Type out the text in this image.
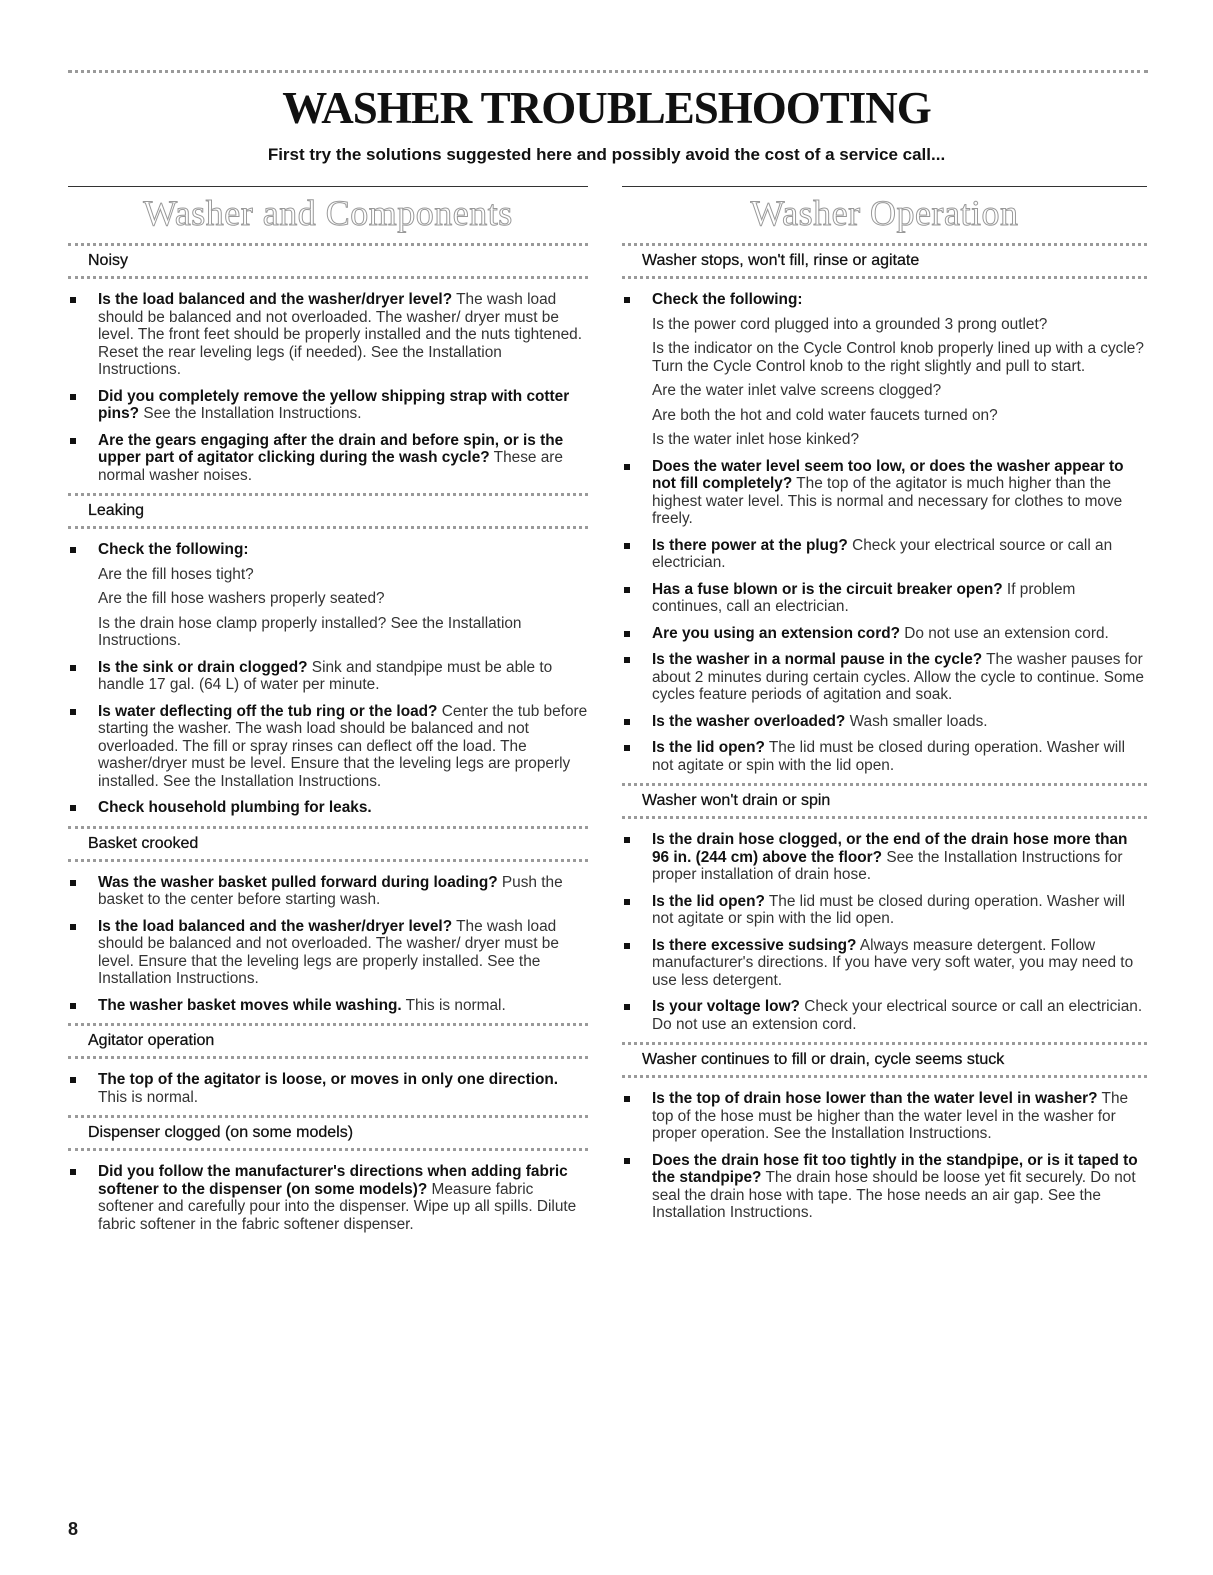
WASHER TROUBLESHOOTING
First try the solutions suggested here and possibly avoid the cost of a service call...
Washer and Components
Noisy
Is the load balanced and the washer/dryer level? The wash load should be balanced and not overloaded. The washer/ dryer must be level. The front feet should be properly installed and the nuts tightened. Reset the rear leveling legs (if needed). See the Installation Instructions.
Did you completely remove the yellow shipping strap with cotter pins? See the Installation Instructions.
Are the gears engaging after the drain and before spin, or is the upper part of agitator clicking during the wash cycle? These are normal washer noises.
Leaking
Check the following:
Are the fill hoses tight?
Are the fill hose washers properly seated?
Is the drain hose clamp properly installed? See the Installation Instructions.
Is the sink or drain clogged? Sink and standpipe must be able to handle 17 gal. (64 L) of water per minute.
Is water deflecting off the tub ring or the load? Center the tub before starting the washer. The wash load should be balanced and not overloaded. The fill or spray rinses can deflect off the load. The washer/dryer must be level. Ensure that the leveling legs are properly installed. See the Installation Instructions.
Check household plumbing for leaks.
Basket crooked
Was the washer basket pulled forward during loading? Push the basket to the center before starting wash.
Is the load balanced and the washer/dryer level? The wash load should be balanced and not overloaded. The washer/ dryer must be level. Ensure that the leveling legs are properly installed. See the Installation Instructions.
The washer basket moves while washing. This is normal.
Agitator operation
The top of the agitator is loose, or moves in only one direction. This is normal.
Dispenser clogged (on some models)
Did you follow the manufacturer's directions when adding fabric softener to the dispenser (on some models)? Measure fabric softener and carefully pour into the dispenser. Wipe up all spills. Dilute fabric softener in the fabric softener dispenser.
Washer Operation
Washer stops, won't fill, rinse or agitate
Check the following:
Is the power cord plugged into a grounded 3 prong outlet?
Is the indicator on the Cycle Control knob properly lined up with a cycle? Turn the Cycle Control knob to the right slightly and pull to start.
Are the water inlet valve screens clogged?
Are both the hot and cold water faucets turned on?
Is the water inlet hose kinked?
Does the water level seem too low, or does the washer appear to not fill completely? The top of the agitator is much higher than the highest water level. This is normal and necessary for clothes to move freely.
Is there power at the plug? Check your electrical source or call an electrician.
Has a fuse blown or is the circuit breaker open? If problem continues, call an electrician.
Are you using an extension cord? Do not use an extension cord.
Is the washer in a normal pause in the cycle? The washer pauses for about 2 minutes during certain cycles. Allow the cycle to continue. Some cycles feature periods of agitation and soak.
Is the washer overloaded? Wash smaller loads.
Is the lid open? The lid must be closed during operation. Washer will not agitate or spin with the lid open.
Washer won't drain or spin
Is the drain hose clogged, or the end of the drain hose more than 96 in. (244 cm) above the floor? See the Installation Instructions for proper installation of drain hose.
Is the lid open? The lid must be closed during operation. Washer will not agitate or spin with the lid open.
Is there excessive sudsing? Always measure detergent. Follow manufacturer's directions. If you have very soft water, you may need to use less detergent.
Is your voltage low? Check your electrical source or call an electrician. Do not use an extension cord.
Washer continues to fill or drain, cycle seems stuck
Is the top of drain hose lower than the water level in washer? The top of the hose must be higher than the water level in the washer for proper operation. See the Installation Instructions.
Does the drain hose fit too tightly in the standpipe, or is it taped to the standpipe? The drain hose should be loose yet fit securely. Do not seal the drain hose with tape. The hose needs an air gap. See the Installation Instructions.
8
